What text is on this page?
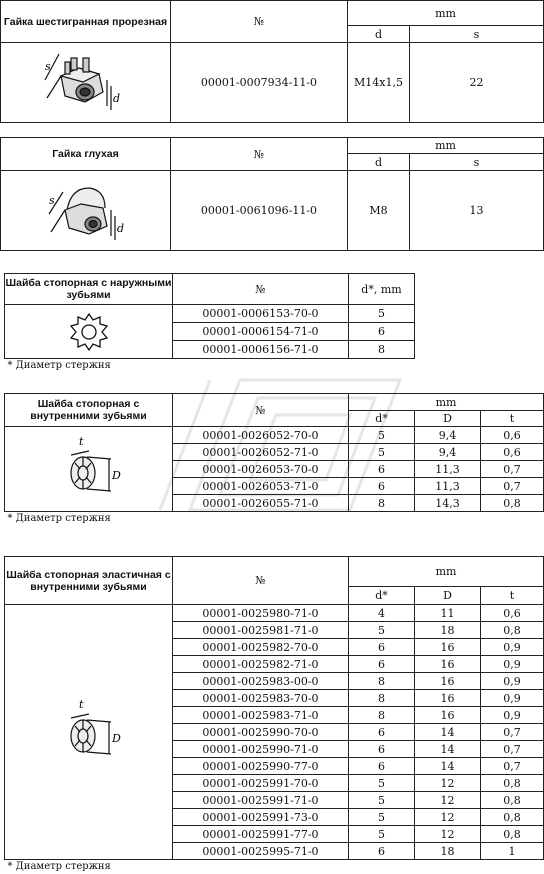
Гайка шестигранная прорезная	№	mm	
		d	s

s
d	00001-0007934-11-0	M14x1,5	22
Гайка глухая	№	mm	
		d	s

s
d	00001-0061096-11-0	M8	13
Шайба стопорная с наружными зубьями	№	d*, mm

	00001-0006153-70-0	5
	00001-0006154-71-0	6
	00001-0006156-71-0	8
* Диаметр стержня		
Шайба стопорная с внутренними зубьями	№	mm		
		d*	D	t

t
D	00001-0026052-70-0	5	9,4	0,6
	00001-0026052-71-0	5	9,4	0,6
	00001-0026053-70-0	6	11,3	0,7
	00001-0026053-71-0	6	11,3	0,7
	00001-0026055-71-0	8	14,3	0,8
* Диаметр стержня				
Шайба стопорная эластичная с внутренними зубьями	№	mm		
		d*	D	t

t
D	00001-0025980-71-0	4	11	0,6
	00001-0025981-71-0	5	18	0,8
	00001-0025982-70-0	6	16	0,9
	00001-0025982-71-0	6	16	0,9
	00001-0025983-00-0	8	16	0,9
	00001-0025983-70-0	8	16	0,9
	00001-0025983-71-0	8	16	0,9
	00001-0025990-70-0	6	14	0,7
	00001-0025990-71-0	6	14	0,7
	00001-0025990-77-0	6	14	0,7
	00001-0025991-70-0	5	12	0,8
	00001-0025991-71-0	5	12	0,8
	00001-0025991-73-0	5	12	0,8
	00001-0025991-77-0	5	12	0,8
	00001-0025995-71-0	6	18	1
* Диаметр стержня				
